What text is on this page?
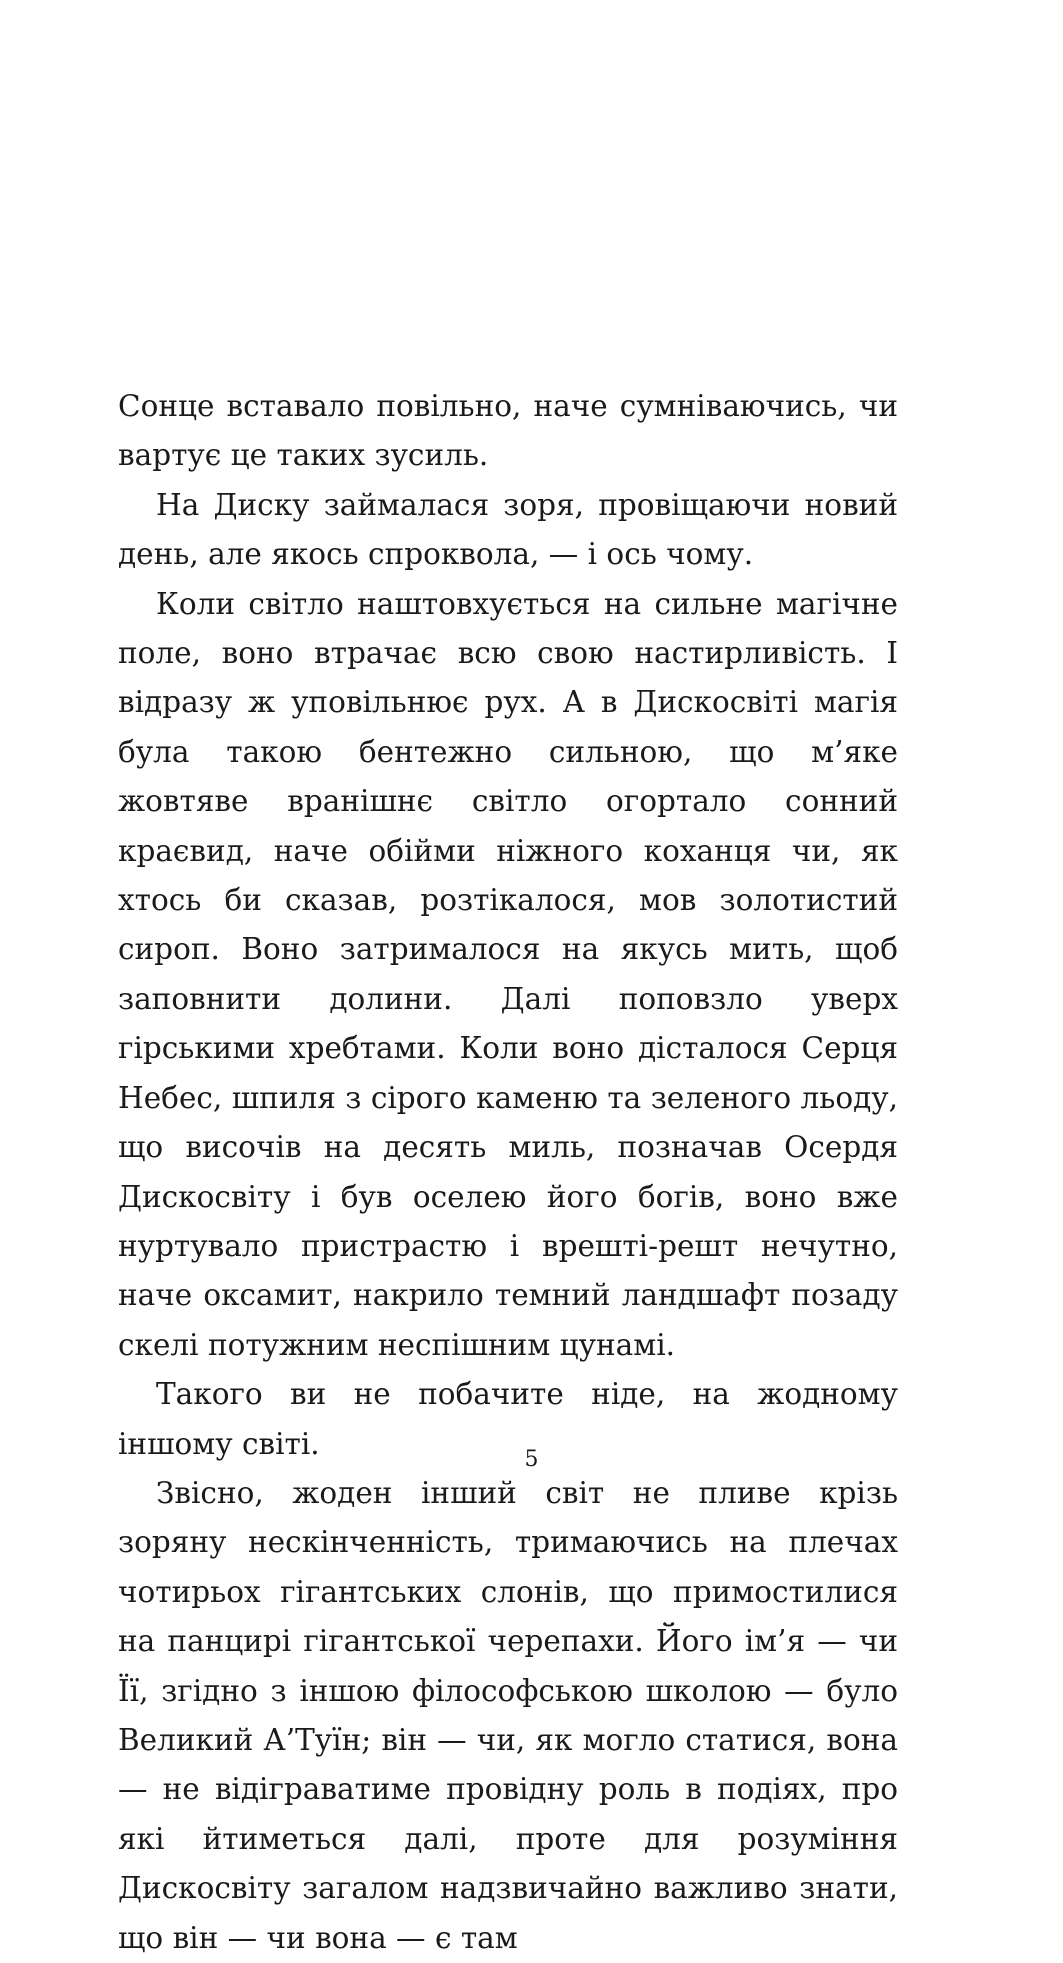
Сонце вставало повільно, наче сумніваючись, чи вартує це таких зусиль.

На Диску займалася зоря, провіщаючи новий день, але якось спроквола, — і ось чому.

Коли світло наштовхується на сильне магічне поле, воно втрачає всю свою настирливість. І відразу ж уповільнює рух. А в Дискосвіті магія була такою бентежно сильною, що м’яке жовтяве вранішнє світло огортало сонний краєвид, наче обійми ніжного коханця чи, як хтось би сказав, розтікалося, мов золотистий сироп. Воно затрималося на якусь мить, щоб заповнити долини. Далі поповзло уверх гірськими хребтами. Коли воно дісталося Серця Небес, шпиля з сірого каменю та зеленого льоду, що височів на десять миль, позначав Осердя Дискосвіту і був оселею його богів, воно вже нуртувало пристрастю і врешті-решт нечутно, наче оксамит, накрило темний ландшафт позаду скелі потужним неспішним цунамі.

Такого ви не побачите ніде, на жодному іншому світі.

Звісно, жоден інший світ не пливе крізь зоряну нескінченність, тримаючись на плечах чотирьох гігантських слонів, що примостилися на панцирі гігантської черепахи. Його ім’я — чи Її, згідно з іншою філософською школою — було Великий А’Туїн; він — чи, як могло статися, вона — не відіграватиме провідну роль в подіях, про які йтиметься далі, проте для розуміння Дискосвіту загалом надзвичайно важливо знати, що він — чи вона — є там

5
